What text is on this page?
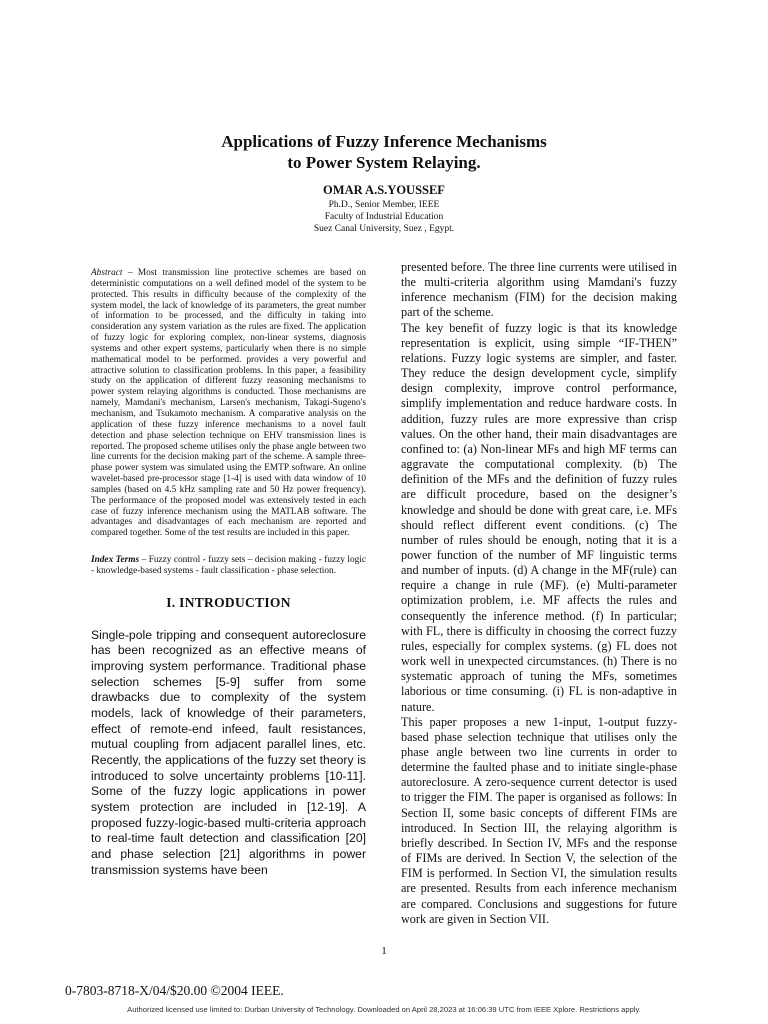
Applications of Fuzzy Inference Mechanisms
to Power System Relaying.
OMAR A.S.YOUSSEF
Ph.D., Senior Member, IEEE
Faculty of Industrial Education
Suez Canal University, Suez , Egypt.

Abstract – Most transmission line protective schemes are based on deterministic computations on a well defined model of the system to be protected. This results in difficulty because of the complexity of the system model, the lack of knowledge of its parameters, the great number of information to be processed, and the difficulty in taking into consideration any system variation as the rules are fixed. The application of fuzzy logic for exploring complex, non-linear systems, diagnosis systems and other expert systems, particularly when there is no simple mathematical model to be performed. provides a very powerful and attractive solution to classification problems. In this paper, a feasibility study on the application of different fuzzy reasoning mechanisms to power system relaying algorithms is conducted. Those mechanisms are namely, Mamdani's mechanism, Larsen's mechanism, Takagi-Sugeno's mechanism, and Tsukamoto mechanism. A comparative analysis on the application of these fuzzy inference mechanisms to a novel fault detection and phase selection technique on EHV transmission lines is reported. The proposed scheme utilises only the phase angle between two line currents for the decision making part of the scheme. A sample three-phase power system was simulated using the EMTP software. An online wavelet-based pre-processor stage [1-4] is used with data window of 10 samples (based on 4.5 kHz sampling rate and 50 Hz power frequency). The performance of the proposed model was extensively tested in each case of fuzzy inference mechanism using the MATLAB software. The advantages and disadvantages of each mechanism are reported and compared together. Some of the test results are included in this paper.

Index Terms – Fuzzy control - fuzzy sets – decision making - fuzzy logic - knowledge-based systems - fault classification - phase selection.

I. INTRODUCTION

Single-pole tripping and consequent autoreclosure has been recognized as an effective means of improving system performance. Traditional phase selection schemes [5-9] suffer from some drawbacks due to complexity of the system models, lack of knowledge of their parameters, effect of remote-end infeed, fault resistances, mutual coupling from adjacent parallel lines, etc. Recently, the applications of the fuzzy set theory is introduced to solve uncertainty problems [10-11]. Some of the fuzzy logic applications in power system protection are included in [12-19]. A proposed fuzzy-logic-based multi-criteria approach to real-time fault detection and classification [20] and phase selection [21] algorithms in power transmission systems have been

presented before. The three line currents were utilised in the multi-criteria algorithm using Mamdani's fuzzy inference mechanism (FIM) for the decision making part of the scheme.

The key benefit of fuzzy logic is that its knowledge representation is explicit, using simple “IF-THEN” relations. Fuzzy logic systems are simpler, and faster. They reduce the design development cycle, simplify design complexity, improve control performance, simplify implementation and reduce hardware costs. In addition, fuzzy rules are more expressive than crisp values. On the other hand, their main disadvantages are confined to: (a) Non-linear MFs and high MF terms can aggravate the computational complexity. (b) The definition of the MFs and the definition of fuzzy rules are difficult procedure, based on the designer’s knowledge and should be done with great care, i.e. MFs should reflect different event conditions. (c) The number of rules should be enough, noting that it is a power function of the number of MF linguistic terms and number of inputs. (d) A change in the MF(rule) can require a change in rule (MF). (e) Multi-parameter optimization problem, i.e. MF affects the rules and consequently the inference method. (f) In particular; with FL, there is difficulty in choosing the correct fuzzy rules, especially for complex systems. (g) FL does not work well in unexpected circumstances. (h) There is no systematic approach of tuning the MFs, sometimes laborious or time consuming. (i) FL is non-adaptive in nature.

This paper proposes a new 1-input, 1-output fuzzy-based phase selection technique that utilises only the phase angle between two line currents in order to determine the faulted phase and to initiate single-phase autoreclosure. A zero-sequence current detector is used to trigger the FIM. The paper is organised as follows: In Section II, some basic concepts of different FIMs are introduced. In Section III, the relaying algorithm is briefly described. In Section IV, MFs and the response of FIMs are derived. In Section V, the selection of the FIM is performed. In Section VI, the simulation results are presented. Results from each inference mechanism are compared. Conclusions and suggestions for future work are given in Section VII.

1
0-7803-8718-X/04/$20.00 ©2004 IEEE.
Authorized licensed use limited to: Durban University of Technology. Downloaded on April 28,2023 at 16:06:39 UTC from IEEE Xplore. Restrictions apply.
